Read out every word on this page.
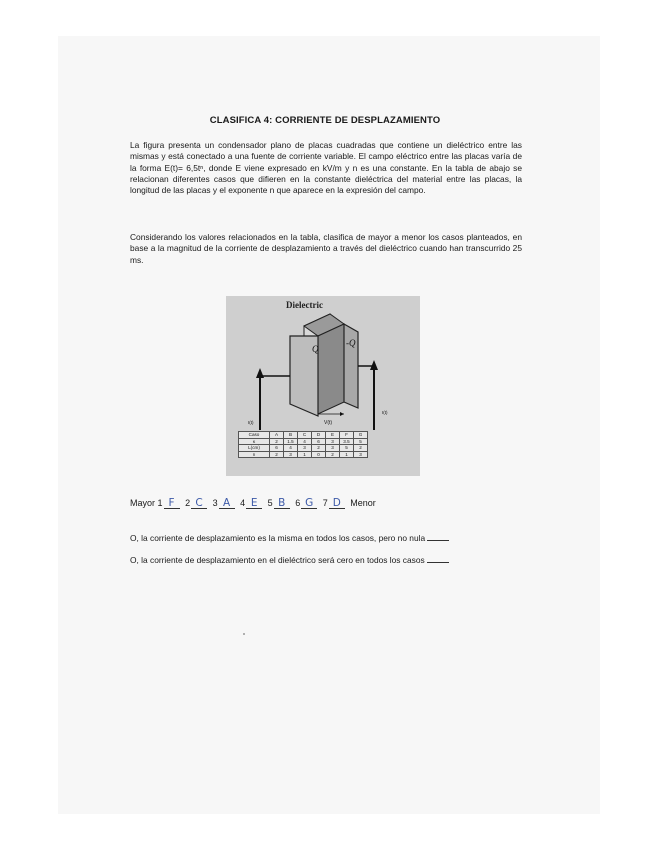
CLASIFICA 4: CORRIENTE DE DESPLAZAMIENTO
La figura presenta un condensador plano de placas cuadradas que contiene un dieléctrico entre las mismas y está conectado a una fuente de corriente variable. El campo eléctrico entre las placas varía de la forma E(t)= 6,5tⁿ, donde E viene expresado en kV/m y n es una constante. En la tabla de abajo se relacionan diferentes casos que difieren en la constante dieléctrica del material entre las placas, la longitud de las placas y el exponente n que aparece en la expresión del campo.
Considerando los valores relacionados en la tabla, clasifica de mayor a menor los casos planteados, en base a la magnitud de la corriente de desplazamiento a través del dieléctrico cuando han transcurrido 25 ms.
Dielectric
Q
-Q
I(t)
I(t)
V(t)
Caso	A	B	C	D	E	F	G
κ	2	1.5	4	6	3	3.5	5
L(cm)	6	4	3	2	3	5	2
n	2	3	1	0	2	1	3
Mayor 1 F 2 C 3 A 4 E 5 B 6 G 7 D Menor
O, la corriente de desplazamiento es la misma en todos los casos, pero no nula
O, la corriente de desplazamiento en el dieléctrico será cero en todos los casos
